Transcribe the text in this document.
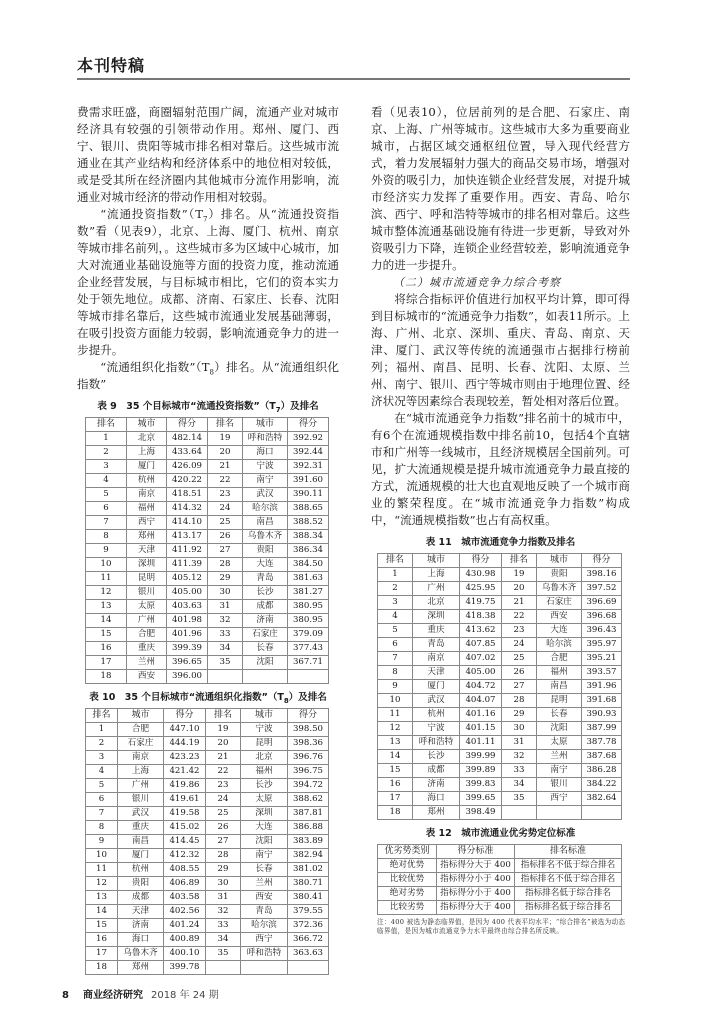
本刊特稿

费需求旺盛，商圈辐射范围广阔，流通产业对城市经济具有较强的引领带动作用。郑州、厦门、西宁、银川、贵阳等城市排名相对靠后。这些城市流通业在其产业结构和经济体系中的地位相对较低，或是受其所在经济圈内其他城市分流作用影响，流通业对城市经济的带动作用相对较弱。

“流通投资指数$”(T_7)$排名。从“流通投资指数”看（见表9），北京、上海、厦门、杭州、南京等城市排名前列，。这些城市多为区域中心城市，加大对流通业基础设施等方面的投资力度，推动流通企业经营发展，与目标城市相比，它们的资本实力处于领先地位。成都、济南、石家庄、长春、沈阳等城市排名靠后，这些城市流通业发展基础薄弱，在吸引投资方面能力较弱，影响流通竞争力的进一步提升。

“流通组织化指数$”(T_8)$排名。从“流通组织化指数”

表 9　35 个目标城市“流通投资指数$”(T_7)$及排名
排名	城市	得分	排名	城市	得分
1	北京	482.14	19	呼和浩特	392.92
2	上海	433.64	20	海口	392.44
3	厦门	426.09	21	宁波	392.31
4	杭州	420.22	22	南宁	391.60
5	南京	418.51	23	武汉	390.11
6	福州	414.32	24	哈尔滨	388.65
7	西宁	414.10	25	南昌	388.52
8	郑州	413.17	26	乌鲁木齐	388.34
9	天津	411.92	27	贵阳	386.34
10	深圳	411.39	28	大连	384.50
11	昆明	405.12	29	青岛	381.63
12	银川	405.00	30	长沙	381.27
13	太原	403.63	31	成都	380.95
14	广州	401.98	32	济南	380.95
15	合肥	401.96	33	石家庄	379.09
16	重庆	399.39	34	长春	377.43
17	兰州	396.65	35	沈阳	367.71
18	西安	396.00			
表 10　35 个目标城市“流通组织化指数$”(T_8)$及排名
排名	城市	得分	排名	城市	得分
1	合肥	447.10	19	宁波	398.50
2	石家庄	444.19	20	昆明	398.36
3	南京	423.23	21	北京	396.76
4	上海	421.42	22	福州	396.75
5	广州	419.86	23	长沙	394.72
6	银川	419.61	24	太原	388.62
7	武汉	419.58	25	深圳	387.81
8	重庆	415.02	26	大连	386.88
9	南昌	414.45	27	沈阳	383.89
10	厦门	412.32	28	南宁	382.94
11	杭州	408.55	29	长春	381.02
12	贵阳	406.89	30	兰州	380.71
13	成都	403.58	31	西安	380.41
14	天津	402.56	32	青岛	379.55
15	济南	401.24	33	哈尔滨	372.36
16	海口	400.89	34	西宁	366.72
17	乌鲁木齐	400.10	35	呼和浩特	363.63
18	郑州	399.78			

看（见表10），位居前列的是合肥、石家庄、南京、上海、广州等城市。这些城市大多为重要商业城市，占据区域交通枢纽位置，导入现代经营方式，着力发展辐射力强大的商品交易市场，增强对外资的吸引力，加快连锁企业经营发展，对提升城市经济实力发挥了重要作用。西安、青岛、哈尔滨、西宁、呼和浩特等城市的排名相对靠后。这些城市整体流通基础设施有待进一步更新，导致对外资吸引力下降，连锁企业经营较差，影响流通竞争力的进一步提升。

（二）城市流通竞争力综合考察

将综合指标评价值进行加权平均计算，即可得到目标城市的“流通竞争力指数”，如表11所示。上海、广州、北京、深圳、重庆、青岛、南京、天津、厦门、武汉等传统的流通强市占据排行榜前列；福州、南昌、昆明、长春、沈阳、太原、兰州、南宁、银川、西宁等城市则由于地理位置、经济状况等因素综合表现较差，暂处相对落后位置。

在“城市流通竞争力指数”排名前十的城市中，有6个在流通规模指数中排名前10，包括4个直辖市和广州等一线城市，且经济规模居全国前列。可见，扩大流通规模是提升城市流通竞争力最直接的方式，流通规模的壮大也直观地反映了一个城市商业的繁荣程度。在“城市流通竞争力指数”构成中，“流通规模指数”也占有高权重。

表 11　城市流通竞争力指数及排名
排名	城市	得分	排名	城市	得分
1	上海	430.98	19	贵阳	398.16
2	广州	425.95	20	乌鲁木齐	397.52
3	北京	419.75	21	石家庄	396.69
4	深圳	418.38	22	西安	396.68
5	重庆	413.62	23	大连	396.43
6	青岛	407.85	24	哈尔滨	395.97
7	南京	407.02	25	合肥	395.21
8	天津	405.00	26	福州	393.57
9	厦门	404.72	27	南昌	391.96
10	武汉	404.07	28	昆明	391.68
11	杭州	401.16	29	长春	390.93
12	宁波	401.15	30	沈阳	387.99
13	呼和浩特	401.11	31	太原	387.78
14	长沙	399.99	32	兰州	387.68
15	成都	399.89	33	南宁	386.28
16	济南	399.83	34	银川	384.22
17	海口	399.65	35	西宁	382.64
18	郑州	398.49			
表 12　城市流通业优劣势定位标准
优劣势类别	得分标准	排名标准
绝对优势	指标得分大于 400	指标排名不低于综合排名
比较优势	指标得分小于 400	指标排名不低于综合排名
绝对劣势	指标得分小于 400	指标排名低于综合排名
比较劣势	指标得分大于 400	指标排名低于综合排名
注：400 被选为静态临界值，是因为 400 代表平均水平；“综合排名”被选为动态临界值，是因为城市流通竞争力水平最终由综合排名所反映。
8 商业经济研究 2018 年 24 期
